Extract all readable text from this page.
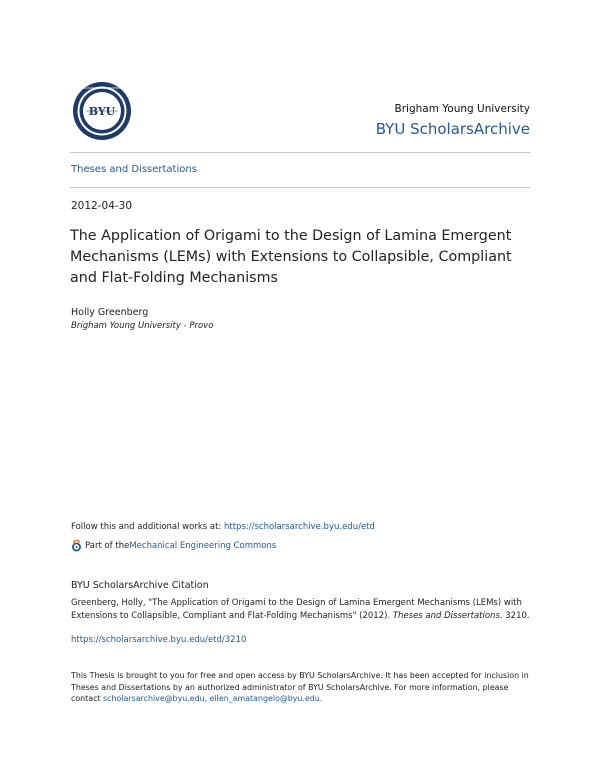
BYU
BRIGHAM YOUNG UNIVERSITY
Brigham Young University
BYU ScholarsArchive
Theses and Dissertations
2012-04-30
The Application of Origami to the Design of Lamina Emergent Mechanisms (LEMs) with Extensions to Collapsible, Compliant and Flat-Folding Mechanisms
Holly Greenberg
Brigham Young University - Provo
Follow this and additional works at: https://scholarsarchive.byu.edu/etd
Part of the Mechanical Engineering Commons
BYU ScholarsArchive Citation
Greenberg, Holly, "The Application of Origami to the Design of Lamina Emergent Mechanisms (LEMs) with Extensions to Collapsible, Compliant and Flat-Folding Mechanisms" (2012). Theses and Dissertations. 3210.
https://scholarsarchive.byu.edu/etd/3210
This Thesis is brought to you for free and open access by BYU ScholarsArchive. It has been accepted for inclusion in Theses and Dissertations by an authorized administrator of BYU ScholarsArchive. For more information, please contact scholarsarchive@byu.edu, ellen_amatangelo@byu.edu.
